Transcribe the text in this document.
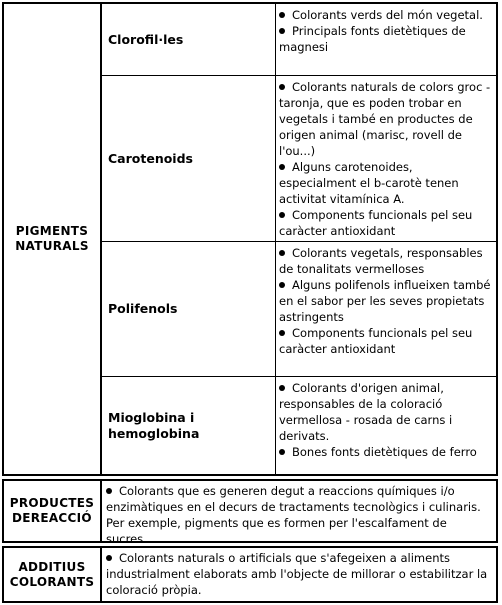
PIGMENTS
NATURALS
Clorofil·les
Colorants verds del món vegetal.
Principals fonts dietètiques de magnesi
Carotenoids
Colorants naturals de colors groc - taronja, que es poden trobar en vegetals i també en productes de origen animal (marisc, rovell de l'ou...)
Alguns carotenoides, especialment el b-carotè tenen activitat vitamínica A.
Components funcionals pel seu caràcter antioxidant
Polifenols
Colorants vegetals, responsables de tonalitats vermelloses
Alguns polifenols influeixen també en el sabor per les seves propietats astringents
Components funcionals pel seu caràcter antioxidant
Mioglobina i
hemoglobina
Colorants d'origen animal, responsables de la coloració vermellosa - rosada de carns i derivats.
Bones fonts dietètiques de ferro
PRODUCTES
DEREACCIÓ
Colorants que es generen degut a reaccions químiques i/o enzimàtiques en el decurs de tractaments tecnològics i culinaris. Per exemple, pigments que es formen per l'escalfament de sucres..
ADDITIUS
COLORANTS
Colorants naturals o artificials que s'afegeixen a aliments industrialment elaborats amb l'objecte de millorar o estabilitzar la coloració pròpia.
